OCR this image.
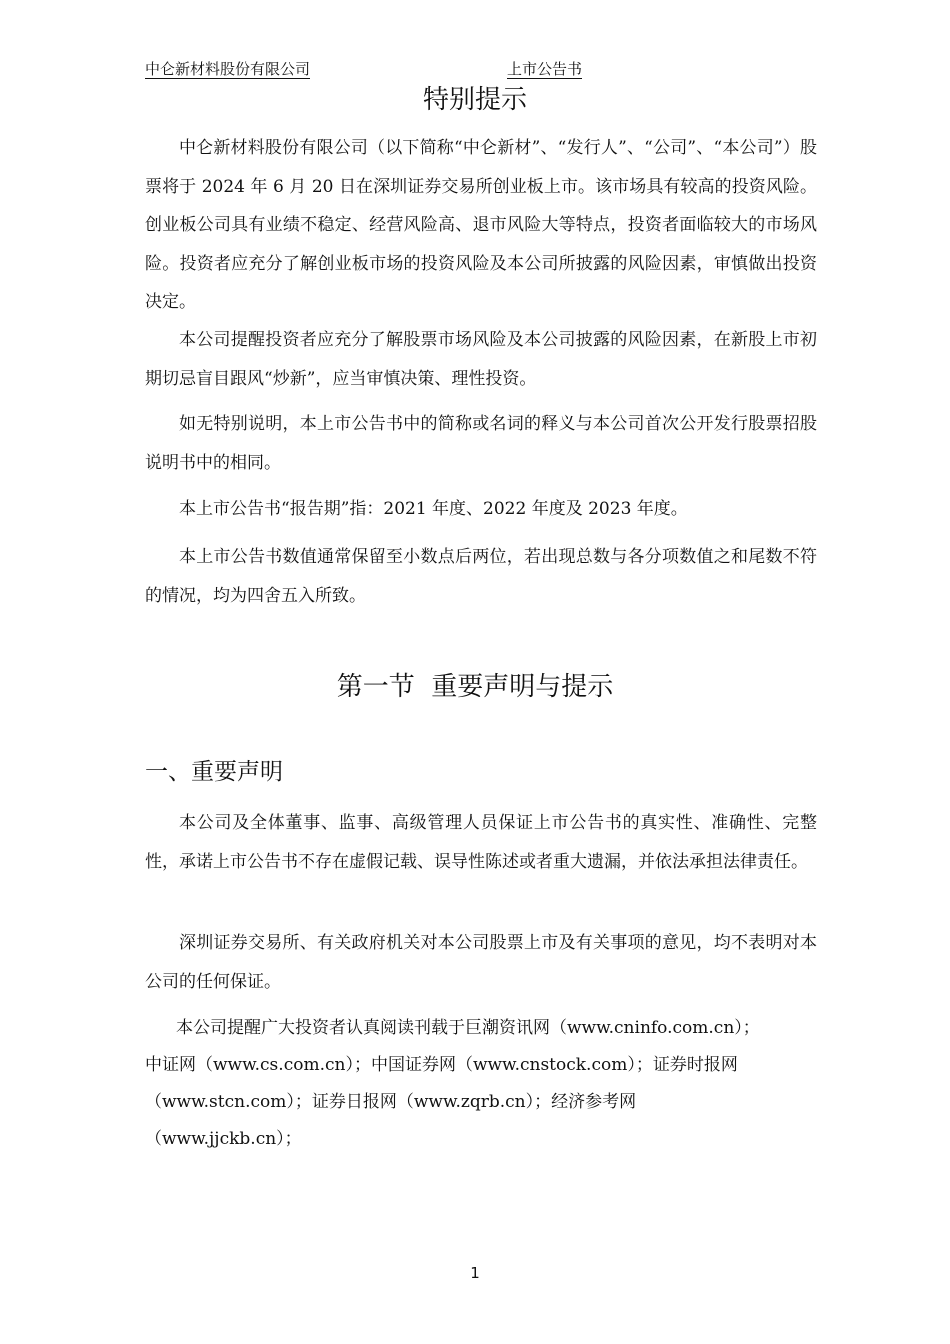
中仑新材料股份有限公司	上市公告书
特别提示

中仑新材料股份有限公司（以下简称“中仑新材”、“发行人”、“公司”、“本公司”）股票将于 2024 年 6 月 20 日在深圳证券交易所创业板上市。该市场具有较高的投资风险。创业板公司具有业绩不稳定、经营风险高、退市风险大等特点，投资者面临较大的市场风险。投资者应充分了解创业板市场的投资风险及本公司所披露的风险因素，审慎做出投资决定。

本公司提醒投资者应充分了解股票市场风险及本公司披露的风险因素，在新股上市初期切忌盲目跟风“炒新”，应当审慎决策、理性投资。

如无特别说明，本上市公告书中的简称或名词的释义与本公司首次公开发行股票招股说明书中的相同。

本上市公告书“报告期”指：2021 年度、2022 年度及 2023 年度。

本上市公告书数值通常保留至小数点后两位，若出现总数与各分项数值之和尾数不符的情况，均为四舍五入所致。

第一节  重要声明与提示
一、重要声明

本公司及全体董事、监事、高级管理人员保证上市公告书的真实性、准确性、完整性，承诺上市公告书不存在虚假记载、误导性陈述或者重大遗漏，并依法承担法律责任。

深圳证券交易所、有关政府机关对本公司股票上市及有关事项的意见，均不表明对本公司的任何保证。

本公司提醒广大投资者认真阅读刊载于巨潮资讯网（www.cninfo.com.cn）；
中证网（www.cs.com.cn）；中国证券网（www.cnstock.com）；证券时报网
（www.stcn.com）；证券日报网（www.zqrb.cn）；经济参考网
（www.jjckb.cn）；
1
